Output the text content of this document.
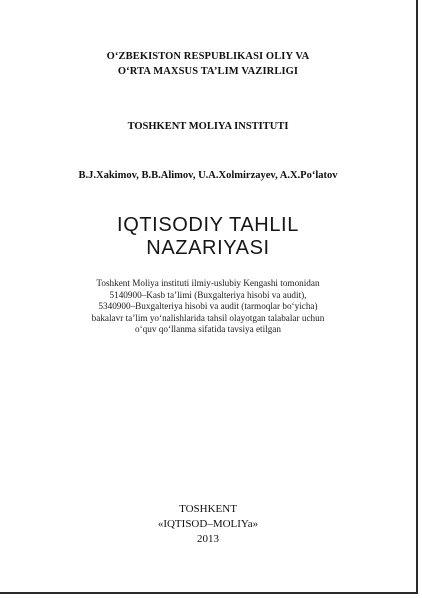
O‘ZBEKISTON RESPUBLIKASI OLIY VA
O‘RTA MAXSUS TA’LIM VAZIRLIGI
TOSHKENT MOLIYA INSTITUTI
B.J.Xakimov, B.B.Alimov, U.A.Xolmirzayev, A.X.Po‘latov
IQTISODIY TAHLIL
NAZARIYASI
Toshkent Moliya instituti ilmiy-uslubiy Kengashi tomonidan
5140900–Kasb ta’limi (Buxgalteriya hisobi va audit),
5340900–Buxgalteriya hisobi va audit (tarmoqlar bo‘yicha)
bakalavr ta’lim yo‘nalishlarida tahsil olayotgan talabalar uchun
o‘quv qo‘llanma sifatida tavsiya etilgan
TOSHKENT
«IQTISOD–MOLIYa»
2013
